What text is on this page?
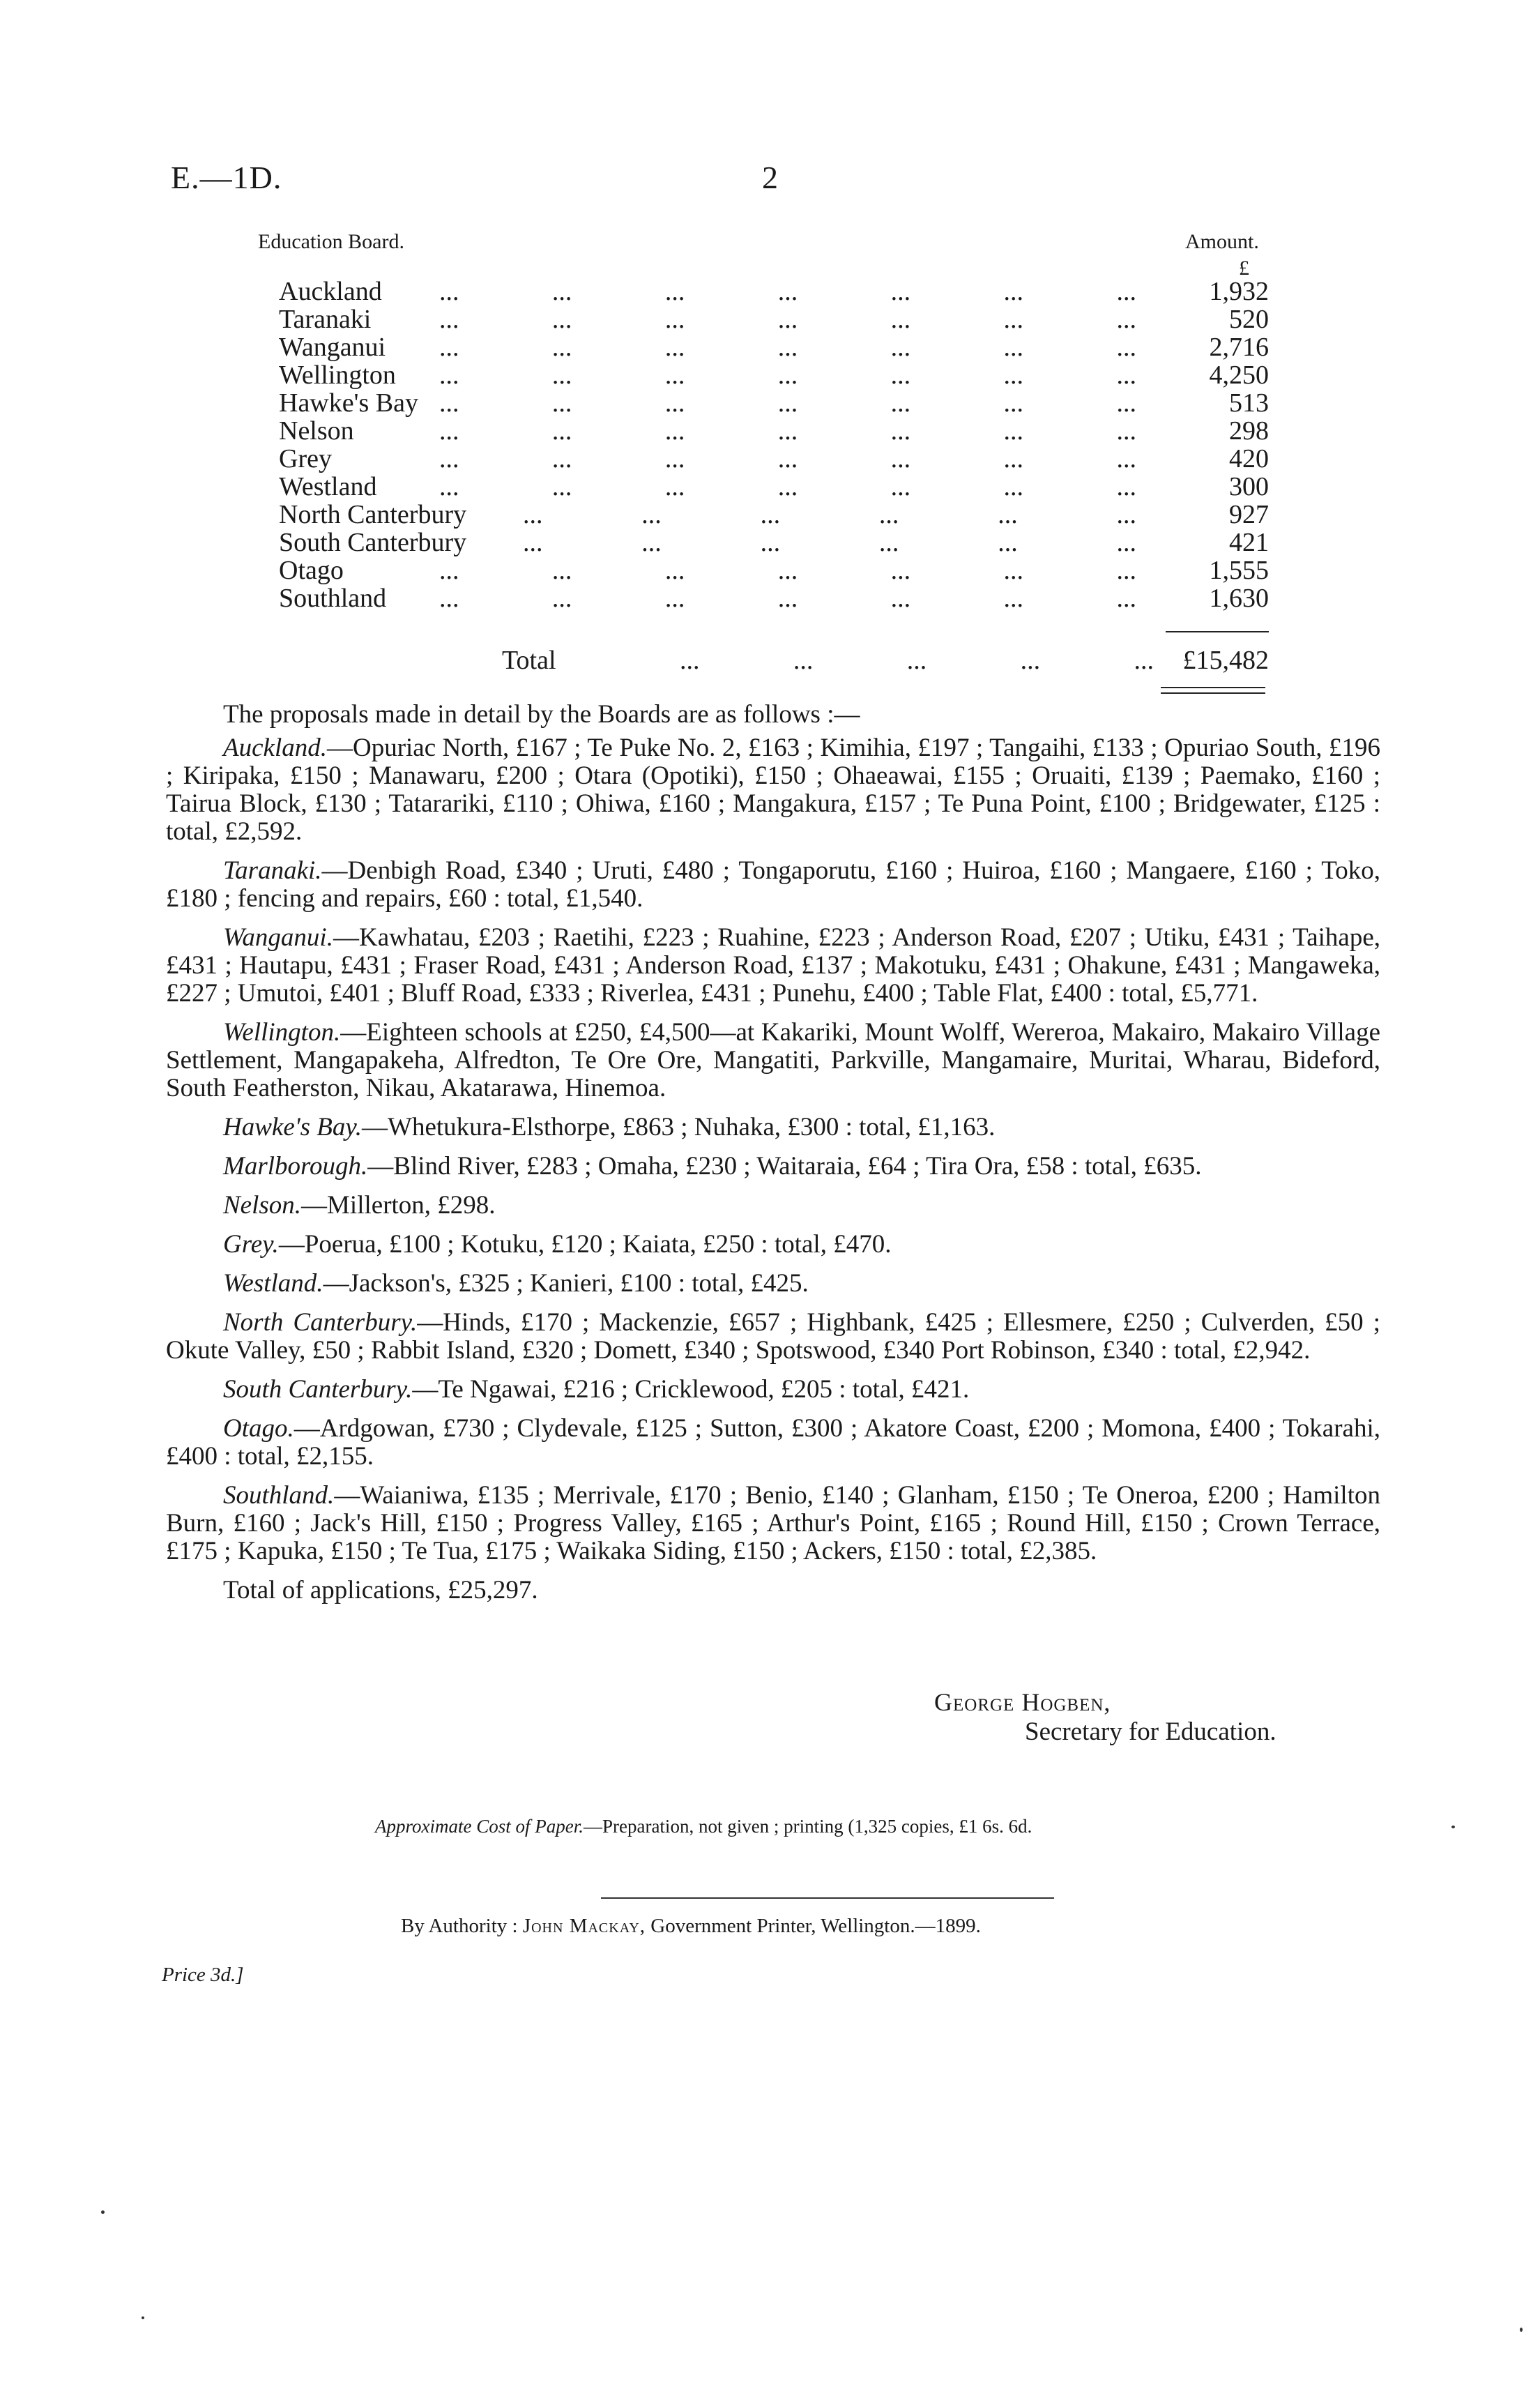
E.—1D.	2
Education Board.	Amount.
£
Auckland ...	...	...	...	...	...	...	1,932
Taranaki	...	...	...	...	...	...	...	520
Wanganui ...	...	...	...	...	...	...	2,716
Wellington ...	...	...	...	...	...	...	4,250
Hawke's Bay ...	...	...	...	...	...	...	513
Nelson	...	...	...	...	...	...	...	298
Grey	...	...	...	...	...	...	...	420
Westland ...	...	...	...	...	...	...	300
North Canterbury ...	...	...	...	...	...	927
South Canterbury ...	...	...	...	...	...	421
Otago	...	...	...	...	...	...	...	1,555
Southland ...	...	...	...	...	...	...	1,630
Total	...	...	...	...	...	£15,482

The proposals made in detail by the Boards are as follows :—

Auckland.—Opuriac North, £167 ; Te Puke No. 2, £163 ; Kimihia, £197 ; Tangaihi, £133 ; Opuriao South, £196 ; Kiripaka, £150 ; Manawaru, £200 ; Otara (Opotiki), £150 ; Ohaeawai, £155 ; Oruaiti, £139 ; Paemako, £160 ; Tairua Block, £130 ; Tatarariki, £110 ; Ohiwa, £160 ; Mangakura, £157 ; Te Puna Point, £100 ; Bridgewater, £125 : total, £2,592.

Taranaki.—Denbigh Road, £340 ; Uruti, £480 ; Tongaporutu, £160 ; Huiroa, £160 ; Mangaere, £160 ; Toko, £180 ; fencing and repairs, £60 : total, £1,540.

Wanganui.—Kawhatau, £203 ; Raetihi, £223 ; Ruahine, £223 ; Anderson Road, £207 ; Utiku, £431 ; Taihape, £431 ; Hautapu, £431 ; Fraser Road, £431 ; Anderson Road, £137 ; Makotuku, £431 ; Ohakune, £431 ; Mangaweka, £227 ; Umutoi, £401 ; Bluff Road, £333 ; Riverlea, £431 ; Punehu, £400 ; Table Flat, £400 : total, £5,771.

Wellington.—Eighteen schools at £250, £4,500—at Kakariki, Mount Wolff, Wereroa, Makairo, Makairo Village Settlement, Mangapakeha, Alfredton, Te Ore Ore, Mangatiti, Parkville, Mangamaire, Muritai, Wharau, Bideford, South Featherston, Nikau, Akatarawa, Hinemoa.

Hawke's Bay.—Whetukura-Elsthorpe, £863 ; Nuhaka, £300 : total, £1,163.

Marlborough.—Blind River, £283 ; Omaha, £230 ; Waitaraia, £64 ; Tira Ora, £58 : total, £635.

Nelson.—Millerton, £298.

Grey.—Poerua, £100 ; Kotuku, £120 ; Kaiata, £250 : total, £470.

Westland.—Jackson's, £325 ; Kanieri, £100 : total, £425.

North Canterbury.—Hinds, £170 ; Mackenzie, £657 ; Highbank, £425 ; Ellesmere, £250 ; Culverden, £50 ; Okute Valley, £50 ; Rabbit Island, £320 ; Domett, £340 ; Spotswood, £340 Port Robinson, £340 : total, £2,942.

South Canterbury.—Te Ngawai, £216 ; Cricklewood, £205 : total, £421.

Otago.—Ardgowan, £730 ; Clydevale, £125 ; Sutton, £300 ; Akatore Coast, £200 ; Momona, £400 ; Tokarahi, £400 : total, £2,155.

Southland.—Waianiwa, £135 ; Merrivale, £170 ; Benio, £140 ; Glanham, £150 ; Te Oneroa, £200 ; Hamilton Burn, £160 ; Jack's Hill, £150 ; Progress Valley, £165 ; Arthur's Point, £165 ; Round Hill, £150 ; Crown Terrace, £175 ; Kapuka, £150 ; Te Tua, £175 ; Waikaka Siding, £150 ; Ackers, £150 : total, £2,385.

Total of applications, £25,297.

George Hogben,
Secretary for Education.
Approximate Cost of Paper.—Preparation, not given ; printing (1,325 copies, £1 6s. 6d.
By Authority : John Mackay, Government Printer, Wellington.—1899.
Price 3d.]
